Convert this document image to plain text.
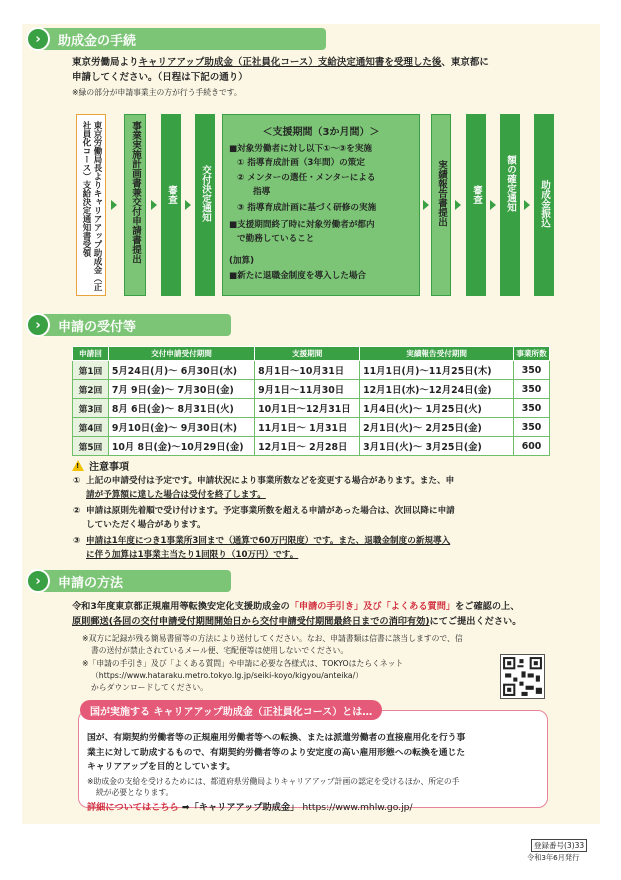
›	助成金の手続
東京労働局よりキャリアアップ助成金（正社員化コース）支給決定通知書を受理した後、東京都に
申請してください。（日程は下記の通り）
※緑の部分が申請事業主の方が行う手続きです。
東京労働局長よりキャリアアップ助成金（正社員化コース）支給決定通知書受領	事業実施計画書兼交付申請書提出	審査 交付決定通知
＜支援期間（3か月間）＞
■対象労働者に対し以下①～③を実施
① 指導育成計画（3年間）の策定
② メンターの選任・メンターによる
指導
③ 指導育成計画に基づく研修の実施
■支援期間終了時に対象労働者が都内
で勤務していること
(加算)
■新たに退職金制度を導入した場合
実績報告書提出	審査 額の確定通知 助成金振込
›	申請の受付等
申請回	交付申請受付期間	支援期間	実績報告受付期間	事業所数
第1回	5月24日(月)～ 6月30日(水)	8月1日～10月31日	11月1日(月)～11月25日(木)	350
第2回	7月 9日(金)～ 7月30日(金)	9月1日～11月30日	12月1日(水)～12月24日(金)	350
第3回	8月 6日(金)～ 8月31日(火)	10月1日～12月31日	1月4日(火)～ 1月25日(火)	350
第4回	9月10日(金)～ 9月30日(木)	11月1日～ 1月31日	2月1日(火)～ 2月25日(金)	350
第5回	10月 8日(金)～10月29日(金)	12月1日～ 2月28日	3月1日(火)～ 3月25日(金)	600
! 注意事項
① 上記の申請受付は予定です。申請状況により事業所数などを変更する場合があります。また、申
請が予算額に達した場合は受付を終了します。
② 申請は原則先着順で受け付けます。予定事業所数を超える申請があった場合は、次回以降に申請
していただく場合があります。
③ 申請は1年度につき1事業所3回まで（通算で60万円限度）です。また、退職金制度の新規導入
に伴う加算は1事業主当たり1回限り（10万円）です。
›	申請の方法
令和3年度東京都正規雇用等転換安定化支援助成金の「申請の手引き」及び「よくある質問」をご確認の上、
原則郵送(各回の交付申請受付期間開始日から交付申請受付期間最終日までの消印有効)にてご提出ください。
※双方に記録が残る簡易書留等の方法により送付してください。なお、申請書類は信書に該当しますので、信
書の送付が禁止されているメール便、宅配便等は使用しないでください。
※「申請の手引き」及び「よくある質問」や申請に必要な各様式は、TOKYOはたらくネット
（https://www.hataraku.metro.tokyo.lg.jp/seiki-koyo/kigyou/anteika/）
からダウンロードしてください。
国が、有期契約労働者等の正規雇用労働者等への転換、または派遣労働者の直接雇用化を行う事
業主に対して助成するもので、有期契約労働者等のより安定度の高い雇用形態への転換を通じた
キャリアアップを目的としています。
※助成金の支給を受けるためには、都道府県労働局よりキャリアアップ計画の認定を受けるほか、所定の手
続が必要となります。
詳細についてはこちら ➡「キャリアアップ助成金」 https://www.mhlw.go.jp/
国が実施する キャリアアップ助成金（正社員化コース）とは…
登録番号(3)33
令和3年6月発行
